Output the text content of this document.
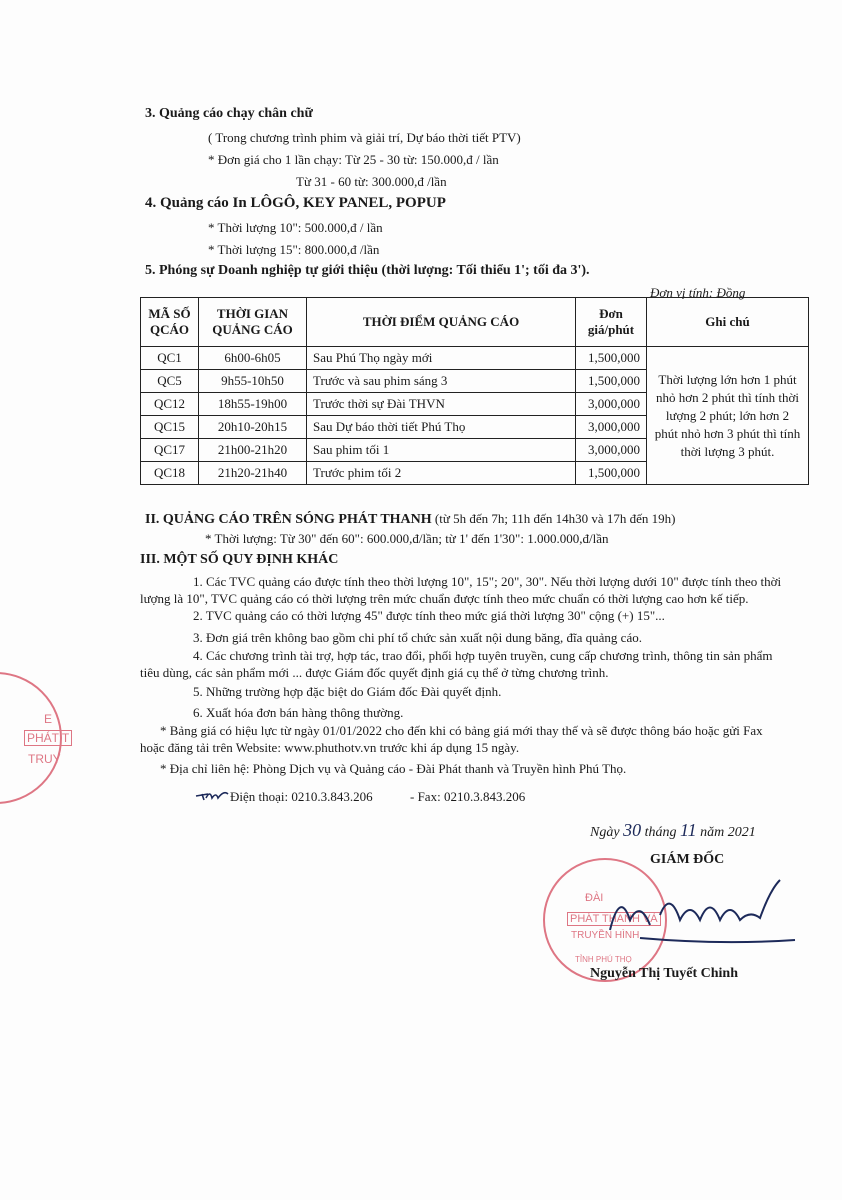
3. Quảng cáo chạy chân chữ
( Trong chương trình phim và giải trí, Dự báo thời tiết PTV)
* Đơn giá cho 1 lần chạy: Từ 25 - 30 từ: 150.000,đ / lần
Từ 31 - 60 từ: 300.000,đ /lần
4. Quảng cáo In LÔGÔ, KEY PANEL, POPUP
* Thời lượng 10": 500.000,đ / lần
* Thời lượng 15": 800.000,đ /lần
5. Phóng sự Doanh nghiệp tự giới thiệu (thời lượng: Tối thiểu 1'; tối đa 3').
Đơn vị tính: Đồng
MÃ SỐ QCÁO	THỜI GIAN QUẢNG CÁO	THỜI ĐIỂM QUẢNG CÁO	Đơn giá/phút	Ghi chú
QC1	6h00-6h05	Sau Phú Thọ ngày mới	1,500,000	Thời lượng lớn hơn 1 phút nhỏ hơn 2 phút thì tính thời lượng 2 phút; lớn hơn 2 phút nhỏ hơn 3 phút thì tính thời lượng 3 phút.
QC5	9h55-10h50	Trước và sau phim sáng 3	1,500,000	
QC12	18h55-19h00	Trước thời sự Đài THVN	3,000,000	
QC15	20h10-20h15	Sau Dự báo thời tiết Phú Thọ	3,000,000	
QC17	21h00-21h20	Sau phim tối 1	3,000,000	
QC18	21h20-21h40	Trước phim tối 2	1,500,000	
II. QUẢNG CÁO TRÊN SÓNG PHÁT THANH (từ 5h đến 7h; 11h đến 14h30 và 17h đến 19h)
* Thời lượng: Từ 30" đến 60": 600.000,đ/lần; từ 1' đến 1'30": 1.000.000,đ/lần
III. MỘT SỐ QUY ĐỊNH KHÁC
1. Các TVC quảng cáo được tính theo thời lượng 10", 15"; 20", 30". Nếu thời lượng dưới 10" được tính theo thời
lượng là 10", TVC quảng cáo có thời lượng trên mức chuẩn được tính theo mức chuẩn có thời lượng cao hơn kế tiếp.
2. TVC quảng cáo có thời lượng 45" được tính theo mức giá thời lượng 30" cộng (+) 15"...
3. Đơn giá trên không bao gồm chi phí tổ chức sản xuất nội dung băng, đĩa quảng cáo.
4. Các chương trình tài trợ, hợp tác, trao đổi, phối hợp tuyên truyền, cung cấp chương trình, thông tin sản phẩm
tiêu dùng, các sản phẩm mới ... được Giám đốc quyết định giá cụ thể ở từng chương trình.
5. Những trường hợp đặc biệt do Giám đốc Đài quyết định.
6. Xuất hóa đơn bán hàng thông thường.
* Bảng giá có hiệu lực từ ngày 01/01/2022 cho đến khi có bảng giá mới thay thế và sẽ được thông báo hoặc gửi Fax
hoặc đăng tải trên Website: www.phuthotv.vn trước khi áp dụng 15 ngày.
* Địa chỉ liên hệ: Phòng Dịch vụ và Quảng cáo - Đài Phát thanh và Truyền hình Phú Thọ.
Điện thoại: 0210.3.843.206	- Fax: 0210.3.843.206
Ngày 30 tháng 11 năm 2021
GIÁM ĐỐC
ĐÀI
PHÁT THANH VÀ
TRUYỀN HÌNH
TỈNH PHÚ THỌ
Nguyễn Thị Tuyết Chinh
E
PHÁT T
TRUY
